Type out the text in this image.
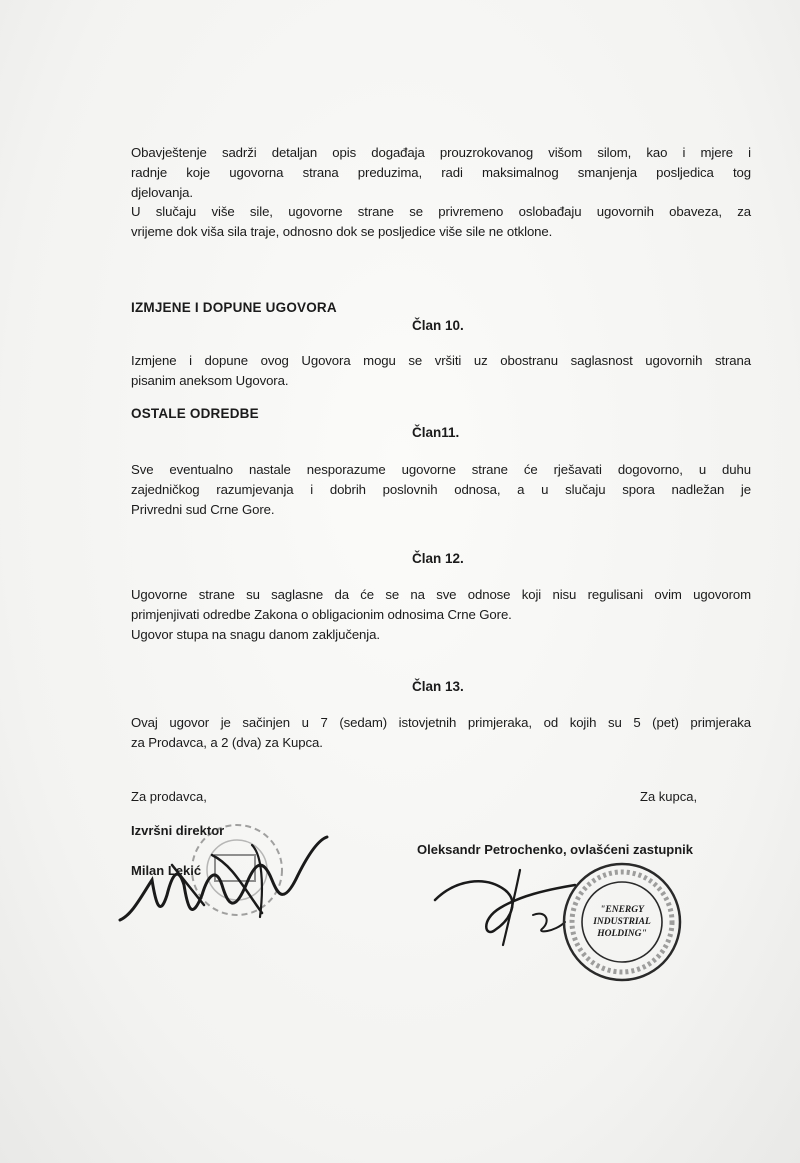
Obavještenje sadrži detaljan opis događaja prouzrokovanog višom silom, kao i mjere i
radnje koje ugovorna strana preduzima, radi maksimalnog smanjenja posljedica tog
djelovanja.
U slučaju više sile, ugovorne strane se privremeno oslobađaju ugovornih obaveza, za
vrijeme dok viša sila traje, odnosno dok se posljedice više sile ne otklone.
IZMJENE I DOPUNE UGOVORA
Član 10.
Izmjene i dopune ovog Ugovora mogu se vršiti uz obostranu saglasnost ugovornih strana
pisanim aneksom Ugovora.
OSTALE ODREDBE
Član11.
Sve eventualno nastale nesporazume ugovorne strane će rješavati dogovorno, u duhu
zajedničkog razumjevanja i dobrih poslovnih odnosa, a u slučaju spora nadležan je
Privredni sud Crne Gore.
Član 12.
Ugovorne strane su saglasne da će se na sve odnose koji nisu regulisani ovim ugovorom
primjenjivati odredbe Zakona o obligacionim odnosima Crne Gore.
Ugovor stupa na snagu danom zaključenja.
Član 13.
Ovaj ugovor je sačinjen u 7 (sedam) istovjetnih primjeraka, od kojih su 5 (pet) primjeraka
za Prodavca, a 2 (dva) za Kupca.
Za prodavca,	Za kupca,
Izvršni direktor
Milan Lekić
Oleksandr Petrochenko, ovlašćeni zastupnik
"ENERGY
INDUSTRIAL
HOLDING"
